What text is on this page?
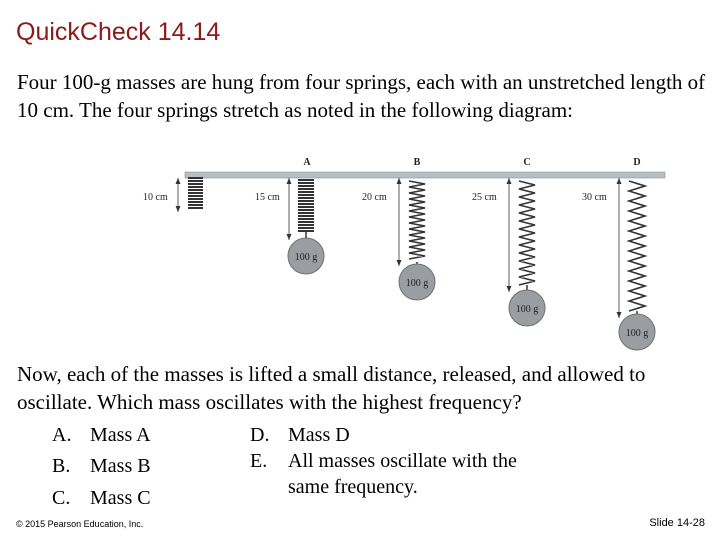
QuickCheck 14.14

Four 100-g masses are hung from four springs, each with an unstretched length of 10 cm. The four springs stretch as noted in the following diagram:

A	B	C	D
10 cm	15 cm
100 g
20 cm
100 g
25 cm
100 g
30 cm
100 g

Now, each of the masses is lifted a small distance, released, and allowed to oscillate. Which mass oscillates with the highest frequency?

A. Mass A
B. Mass B
C. Mass C
D. Mass D
E. All masses oscillate with the same frequency.
© 2015 Pearson Education, Inc.	Slide 14-28
